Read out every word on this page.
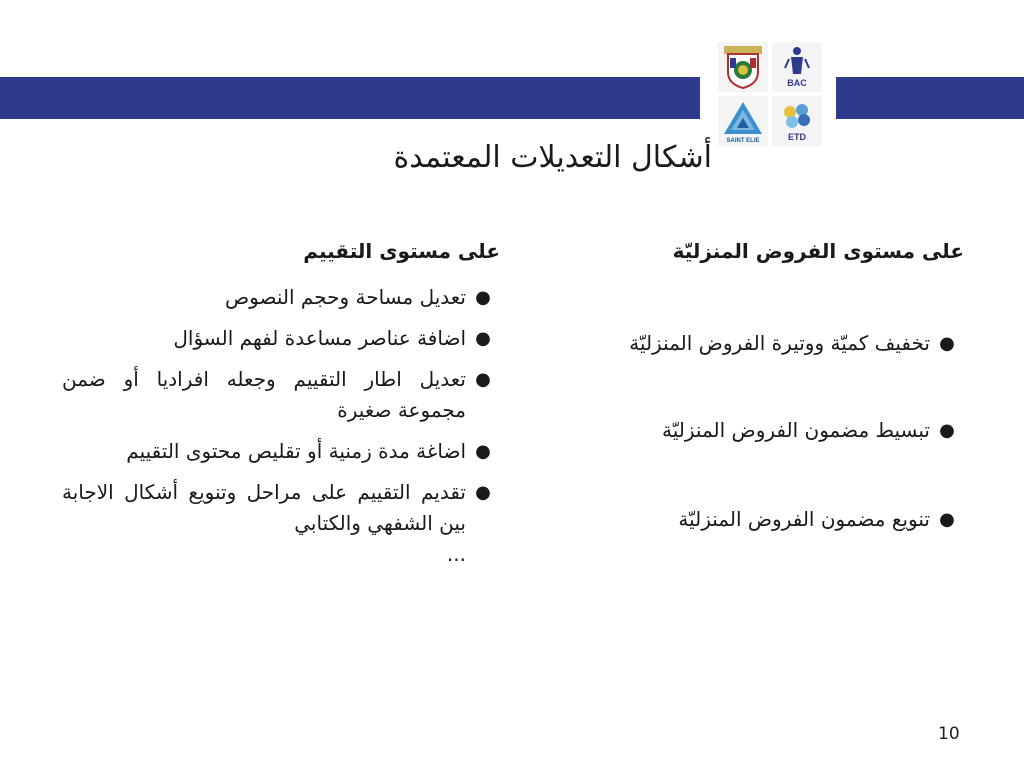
BAC
SAINT ELIE	ETD
أشكال التعديلات المعتمدة
على مستوى الفروض المنزليّة
●
تخفيف كميّة ووتيرة الفروض المنزليّة
●
تبسيط مضمون الفروض المنزليّة
●
تنويع مضمون الفروض المنزليّة
على مستوى التقييم
●
تعديل مساحة وحجم النصوص
●
اضافة عناصر مساعدة لفهم السؤال
●
تعديل اطار التقييم وجعله افراديا أو ضمن مجموعة صغيرة
●
اضاغة مدة زمنية أو تقليص محتوى التقييم
●
تقديم التقييم على مراحل وتنويع أشكال الاجابة بين الشفهي والكتابي
...
10
